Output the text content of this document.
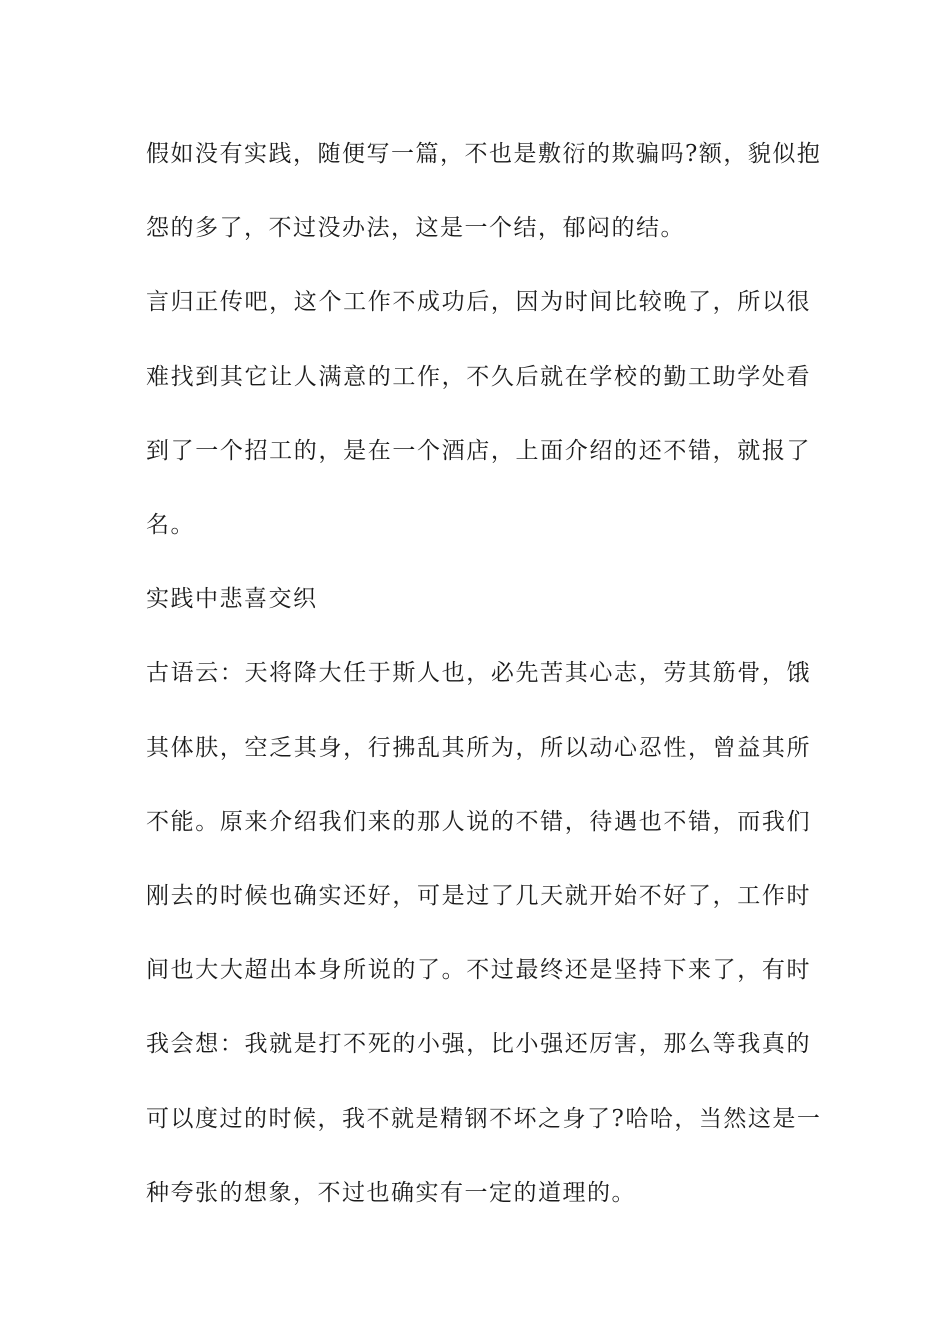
假如没有实践，随便写一篇，不也是敷衍的欺骗吗?额，貌似抱
怨的多了，不过没办法，这是一个结，郁闷的结。

言归正传吧，这个工作不成功后，因为时间比较晚了，所以很
难找到其它让人满意的工作，不久后就在学校的勤工助学处看
到了一个招工的，是在一个酒店，上面介绍的还不错，就报了
名。

实践中悲喜交织

古语云：天将降大任于斯人也，必先苦其心志，劳其筋骨，饿
其体肤，空乏其身，行拂乱其所为，所以动心忍性，曾益其所
不能。原来介绍我们来的那人说的不错，待遇也不错，而我们
刚去的时候也确实还好，可是过了几天就开始不好了，工作时
间也大大超出本身所说的了。不过最终还是坚持下来了，有时
我会想：我就是打不死的小强，比小强还厉害，那么等我真的
可以度过的时候，我不就是精钢不坏之身了?哈哈，当然这是一
种夸张的想象，不过也确实有一定的道理的。
